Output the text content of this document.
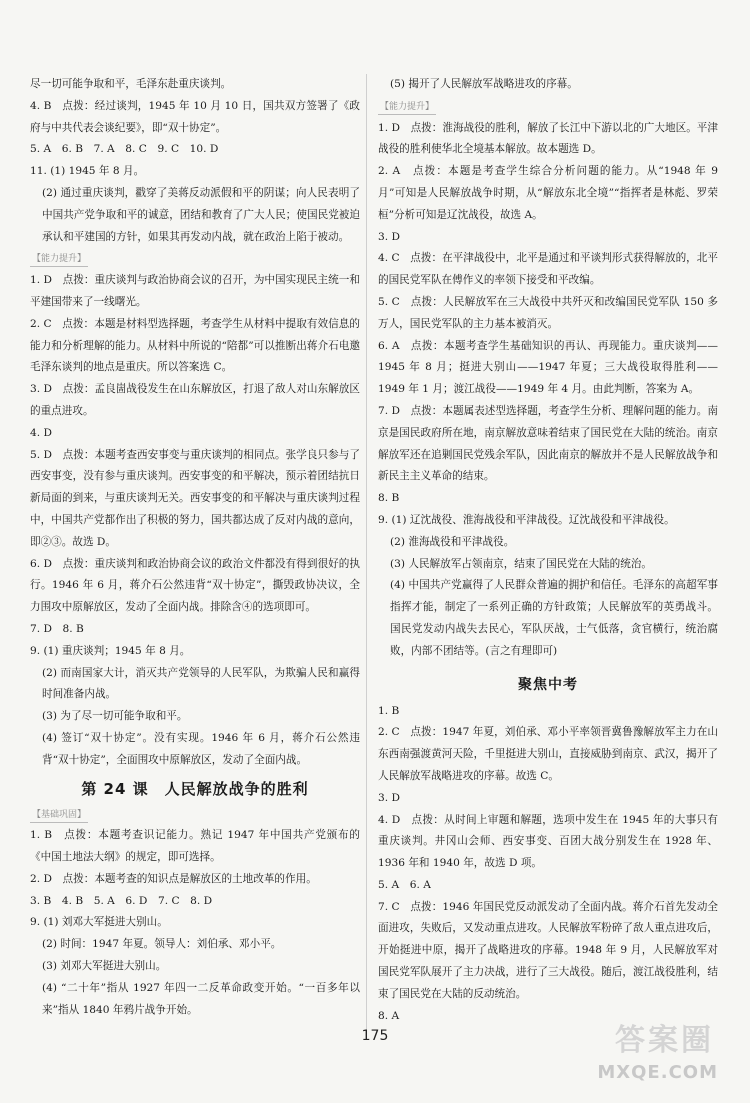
尽一切可能争取和平，毛泽东赴重庆谈判。

4. B　点拨：经过谈判，1945 年 10 月 10 日，国共双方签署了《政府与中共代表会谈纪要》，即“双十协定”。

5. A　6. B　7. A　8. C　9. C　10. D

11. (1) 1945 年 8 月。

(2) 通过重庆谈判，戳穿了美蒋反动派假和平的阴谋；向人民表明了中国共产党争取和平的诚意，团结和教育了广大人民；使国民党被迫承认和平建国的方针，如果其再发动内战，就在政治上陷于被动。

【能力提升】

1. D　点拨：重庆谈判与政治协商会议的召开，为中国实现民主统一和平建国带来了一线曙光。

2. C　点拨：本题是材料型选择题，考查学生从材料中提取有效信息的能力和分析理解的能力。从材料中所说的“陪都”可以推断出蒋介石电邀毛泽东谈判的地点是重庆。所以答案选 C。

3. D　点拨：孟良崮战役发生在山东解放区，打退了敌人对山东解放区的重点进攻。

4. D

5. D　点拨：本题考查西安事变与重庆谈判的相同点。张学良只参与了西安事变，没有参与重庆谈判。西安事变的和平解决，预示着团结抗日新局面的到来，与重庆谈判无关。西安事变的和平解决与重庆谈判过程中，中国共产党都作出了积极的努力，国共都达成了反对内战的意向，即②③。故选 D。

6. D　点拨：重庆谈判和政治协商会议的政治文件都没有得到很好的执行。1946 年 6 月，蒋介石公然违背“双十协定”，撕毁政协决议，全力围攻中原解放区，发动了全面内战。排除含④的选项即可。

7. D　8. B

9. (1) 重庆谈判；1945 年 8 月。

(2) 而南国家大计，消灭共产党领导的人民军队，为欺骗人民和赢得时间准备内战。

(3) 为了尽一切可能争取和平。

(4) 签订“双十协定”。没有实现。1946 年 6 月，蒋介石公然违背“双十协定”，全面围攻中原解放区，发动了全面内战。

第 24 课　人民解放战争的胜利
【基础巩固】

1. B　点拨：本题考查识记能力。熟记 1947 年中国共产党颁布的《中国土地法大纲》的规定，即可选择。

2. D　点拨：本题考查的知识点是解放区的土地改革的作用。

3. B　4. B　5. A　6. D　7. C　8. D

9. (1) 刘邓大军挺进大别山。

(2) 时间：1947 年夏。领导人：刘伯承、邓小平。

(3) 刘邓大军挺进大别山。

(4) “二十年”指从 1927 年四一二反革命政变开始。“一百多年以来”指从 1840 年鸦片战争开始。

(5) 揭开了人民解放军战略进攻的序幕。

【能力提升】

1. D　点拨：淮海战役的胜利，解放了长江中下游以北的广大地区。平津战役的胜利使华北全境基本解放。故本题选 D。

2. A　点拨：本题是考查学生综合分析问题的能力。从“1948 年 9 月”可知是人民解放战争时期，从“解放东北全境”“指挥者是林彪、罗荣桓”分析可知是辽沈战役，故选 A。

3. D

4. C　点拨：在平津战役中，北平是通过和平谈判形式获得解放的，北平的国民党军队在傅作义的率领下接受和平改编。

5. C　点拨：人民解放军在三大战役中共歼灭和改编国民党军队 150 多万人，国民党军队的主力基本被消灭。

6. A　点拨：本题考查学生基础知识的再认、再现能力。重庆谈判——1945 年 8 月；挺进大别山——1947 年夏；三大战役取得胜利——1949 年 1 月；渡江战役——1949 年 4 月。由此判断，答案为 A。

7. D　点拨：本题属表述型选择题，考查学生分析、理解问题的能力。南京是国民政府所在地，南京解放意味着结束了国民党在大陆的统治。南京解放军还在追剿国民党残余军队，因此南京的解放并不是人民解放战争和新民主主义革命的结束。

8. B

9. (1) 辽沈战役、淮海战役和平津战役。辽沈战役和平津战役。

(2) 淮海战役和平津战役。

(3) 人民解放军占领南京，结束了国民党在大陆的统治。

(4) 中国共产党赢得了人民群众普遍的拥护和信任。毛泽东的高超军事指挥才能，制定了一系列正确的方针政策；人民解放军的英勇战斗。国民党发动内战失去民心，军队厌战，士气低落，贪官横行，统治腐败，内部不团结等。(言之有理即可)

聚焦中考

1. B

2. C　点拨：1947 年夏，刘伯承、邓小平率领晋冀鲁豫解放军主力在山东西南强渡黄河天险，千里挺进大别山，直接威胁到南京、武汉，揭开了人民解放军战略进攻的序幕。故选 C。

3. D

4. D　点拨：从时间上审题和解题，选项中发生在 1945 年的大事只有重庆谈判。井冈山会师、西安事变、百团大战分别发生在 1928 年、1936 年和 1940 年，故选 D 项。

5. A　6. A

7. C　点拨：1946 年国民党反动派发动了全面内战。蒋介石首先发动全面进攻，失败后，又发动重点进攻。人民解放军粉碎了敌人重点进攻后，开始挺进中原，揭开了战略进攻的序幕。1948 年 9 月，人民解放军对国民党军队展开了主力决战，进行了三大战役。随后，渡江战役胜利，结束了国民党在大陆的反动统治。

8. A

175	答案圈
MXQE.COM
